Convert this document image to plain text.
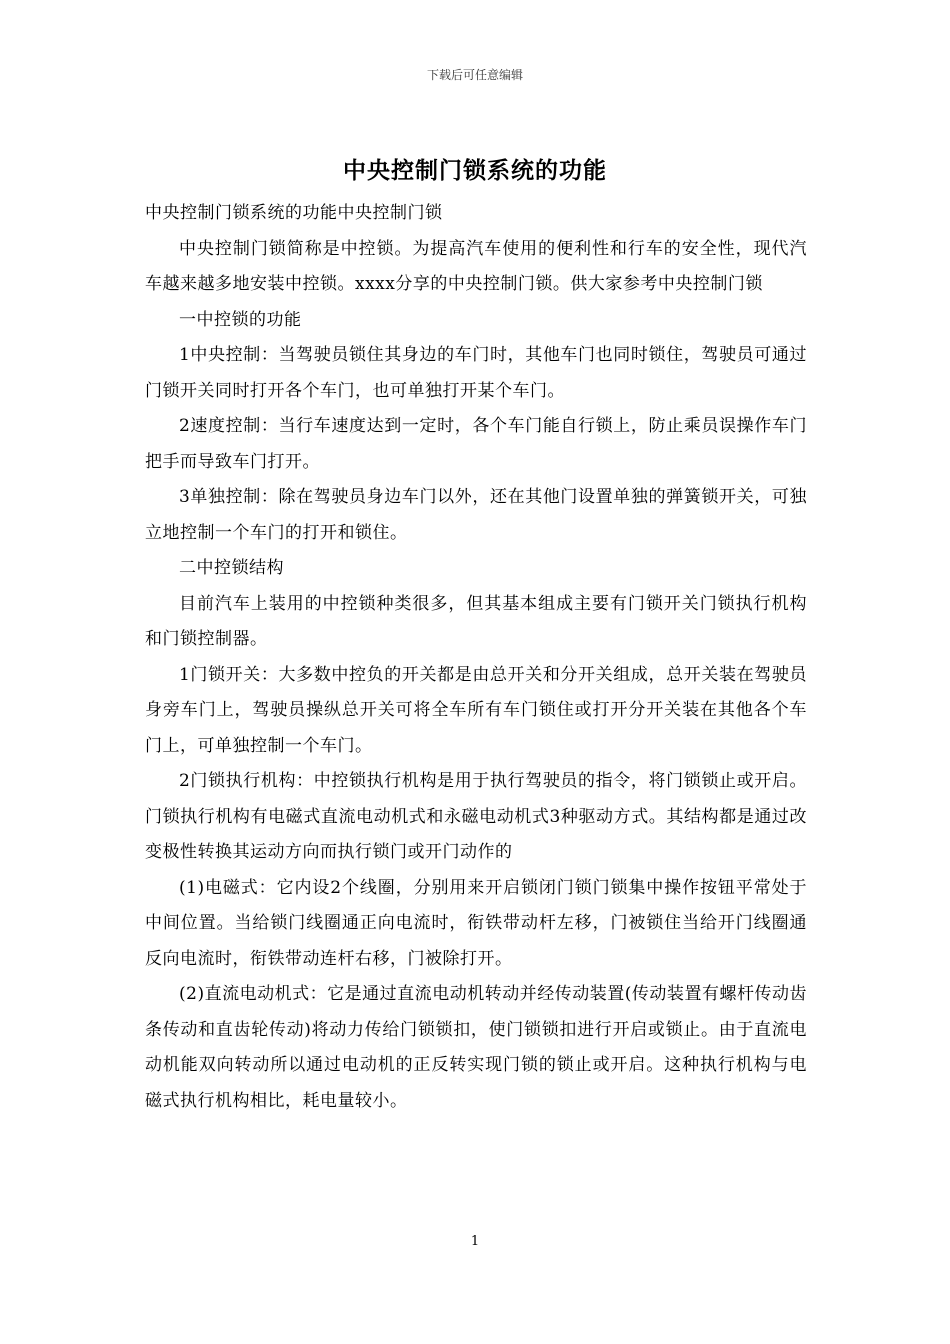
下载后可任意编辑
中央控制门锁系统的功能

中央控制门锁系统的功能中央控制门锁

中央控制门锁简称是中控锁。为提高汽车使用的便利性和行车的安全性，现代汽车越来越多地安装中控锁。xxxx分享的中央控制门锁。供大家参考中央控制门锁

一中控锁的功能

1中央控制：当驾驶员锁住其身边的车门时，其他车门也同时锁住，驾驶员可通过门锁开关同时打开各个车门，也可单独打开某个车门。

2速度控制：当行车速度达到一定时，各个车门能自行锁上，防止乘员误操作车门把手而导致车门打开。

3单独控制：除在驾驶员身边车门以外，还在其他门设置单独的弹簧锁开关，可独立地控制一个车门的打开和锁住。

二中控锁结构

目前汽车上装用的中控锁种类很多，但其基本组成主要有门锁开关门锁执行机构和门锁控制器。

1门锁开关：大多数中控负的开关都是由总开关和分开关组成，总开关装在驾驶员身旁车门上，驾驶员操纵总开关可将全车所有车门锁住或打开分开关装在其他各个车门上，可单独控制一个车门。

2门锁执行机构：中控锁执行机构是用于执行驾驶员的指令，将门锁锁止或开启。门锁执行机构有电磁式直流电动机式和永磁电动机式3种驱动方式。其结构都是通过改变极性转换其运动方向而执行锁门或开门动作的

(1)电磁式：它内设2个线圈，分别用来开启锁闭门锁门锁集中操作按钮平常处于中间位置。当给锁门线圈通正向电流时，衔铁带动杆左移，门被锁住当给开门线圈通反向电流时，衔铁带动连杆右移，门被除打开。

(2)直流电动机式：它是通过直流电动机转动并经传动装置(传动装置有螺杆传动齿条传动和直齿轮传动)将动力传给门锁锁扣，使门锁锁扣进行开启或锁止。由于直流电动机能双向转动所以通过电动机的正反转实现门锁的锁止或开启。这种执行机构与电磁式执行机构相比，耗电量较小。

1
